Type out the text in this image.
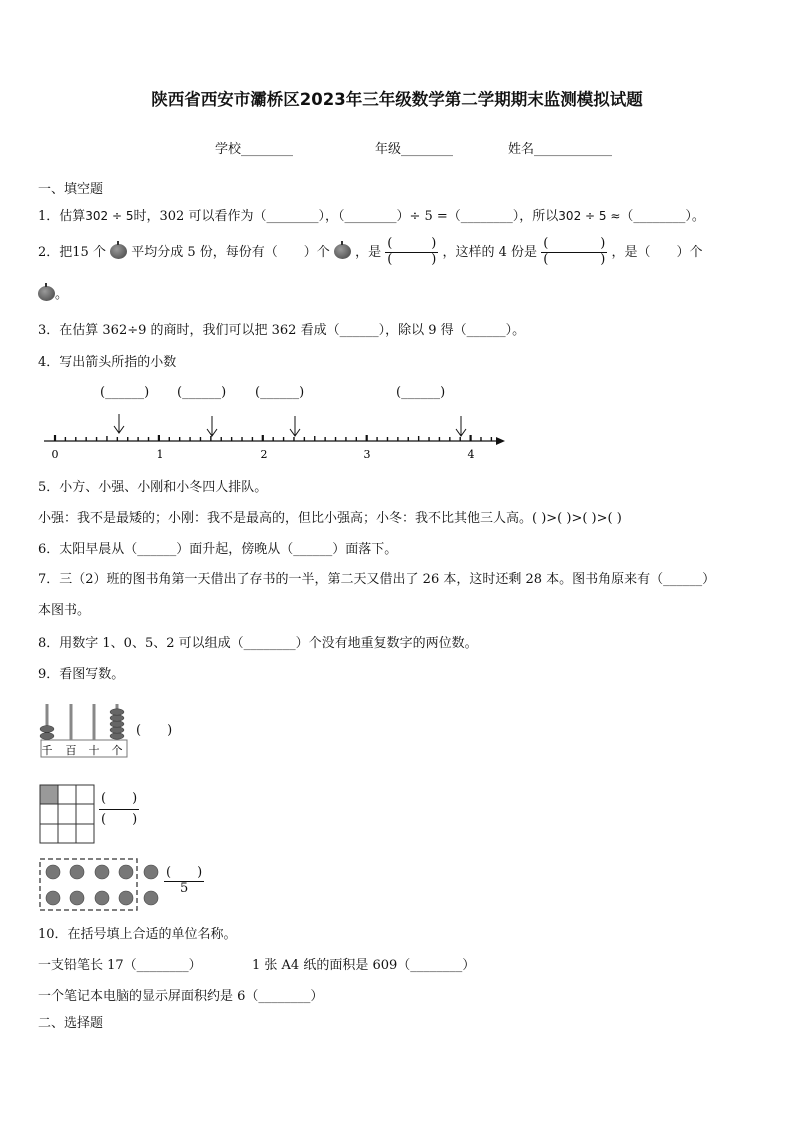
陕西省西安市灞桥区2023年三年级数学第二学期期末监测模拟试题
学校________	年级________	姓名____________
一、填空题
1．估算302 ÷ 5时，302 可以看作为（________），（________）÷ 5 =（________），所以302 ÷ 5 ≈（________）。
2．把15 个 平均分成 5 份，每份有（　　）个 ，是 $\frac{( )}{( )}$ ，这样的 4 份是 $\frac{( )}{( )}$ ，是（　　）个
。
3．在估算 362÷9 的商时，我们可以把 362 看成（______），除以 9 得（______）。
4．写出箭头所指的小数
(______) (______) (______)	(______)
0	1	2	3	4
5．小方、小强、小刚和小冬四人排队。
小强：我不是最矮的；小刚：我不是最高的，但比小强高；小冬：我不比其他三人高。( )>( )>( )>( )
6．太阳早晨从（______）面升起，傍晚从（______）面落下。
7．三（2）班的图书角第一天借出了存书的一半，第二天又借出了 26 本，这时还剩 28 本。图书角原来有（______）
本图书。
8．用数字 1、0、5、2 可以组成（________）个没有地重复数字的两位数。
9．看图写数。
千 百 十 个
(　　)
$\frac{( )}{( )}$
$\frac{( )}{5}$
10．在括号填上合适的单位名称。
一支铅笔长 17（________）	1 张 A4 纸的面积是 609（________）
一个笔记本电脑的显示屏面积约是 6（________）
二、选择题
